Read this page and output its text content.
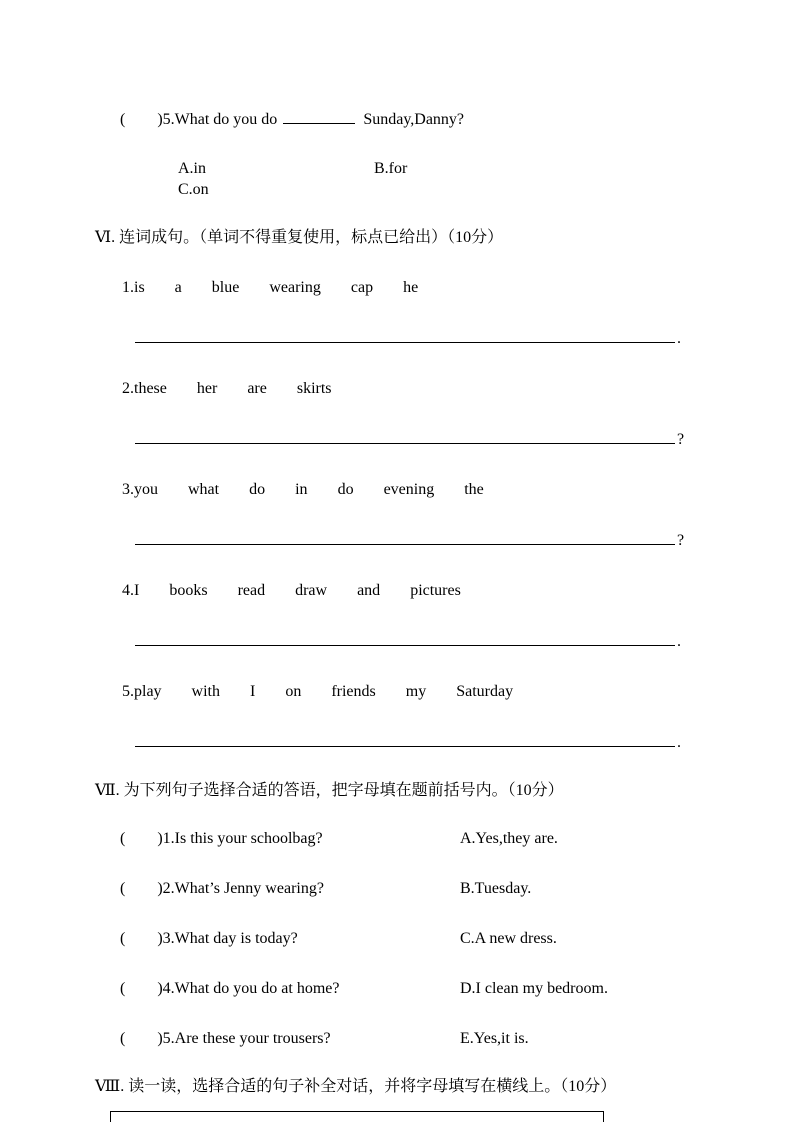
(        )5.What do you do	Sunday,Danny?
A.in	B.forC.on
Ⅵ. 连词成句。（单词不得重复使用，标点已给出）（10分）
1.is a blue wearing cap he
.
2.these her are skirts
?
3.you what do in do evening the
?
4.I books read draw and pictures
.
5.play with I on friends my Saturday
.
Ⅶ. 为下列句子选择合适的答语，把字母填在题前括号内。（10分）
(        )1.Is this your schoolbag?	A.Yes,they are.
(        )2.What’s Jenny wearing?	B.Tuesday.
(        )3.What day is today?	C.A new dress.
(        )4.What do you do at home?	D.I clean my bedroom.
(        )5.Are these your trousers?	E.Yes,it is.
Ⅷ. 读一读，选择合适的句子补全对话，并将字母填写在横线上。（10分）
